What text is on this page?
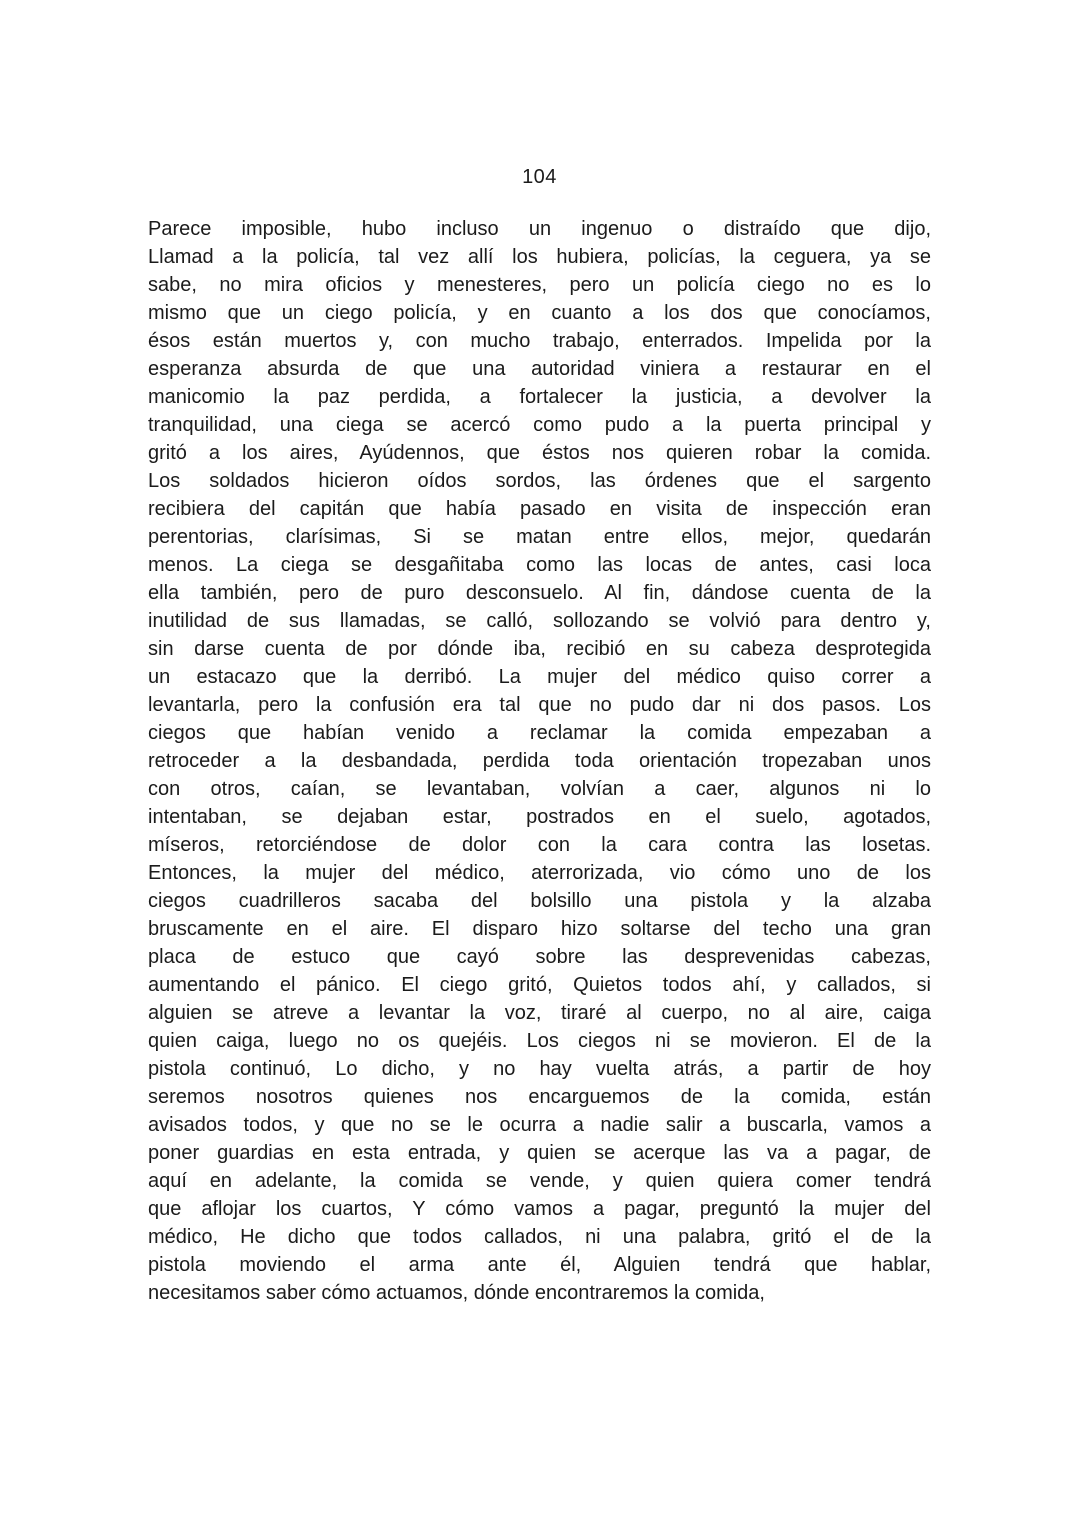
104
Parece imposible, hubo incluso un ingenuo o distraído que dijo,
Llamad a la policía, tal vez allí los hubiera, policías, la ceguera, ya se
sabe, no mira oficios y menesteres, pero un policía ciego no es lo
mismo que un ciego policía, y en cuanto a los dos que conocíamos,
ésos están muertos y, con mucho trabajo, enterrados. Impelida por la
esperanza absurda de que una autoridad viniera a restaurar en el
manicomio la paz perdida, a fortalecer la justicia, a devolver la
tranquilidad, una ciega se acercó como pudo a la puerta principal y
gritó a los aires, Ayúdennos, que éstos nos quieren robar la comida.
Los soldados hicieron oídos sordos, las órdenes que el sargento
recibiera del capitán que había pasado en visita de inspección eran
perentorias, clarísimas, Si se matan entre ellos, mejor, quedarán
menos. La ciega se desgañitaba como las locas de antes, casi loca
ella también, pero de puro desconsuelo. Al fin, dándose cuenta de la
inutilidad de sus llamadas, se calló, sollozando se volvió para dentro y,
sin darse cuenta de por dónde iba, recibió en su cabeza desprotegida
un estacazo que la derribó. La mujer del médico quiso correr a
levantarla, pero la confusión era tal que no pudo dar ni dos pasos. Los
ciegos que habían venido a reclamar la comida empezaban a
retroceder a la desbandada, perdida toda orientación tropezaban unos
con otros, caían, se levantaban, volvían a caer, algunos ni lo
intentaban, se dejaban estar, postrados en el suelo, agotados,
míseros, retorciéndose de dolor con la cara contra las losetas.
Entonces, la mujer del médico, aterrorizada, vio cómo uno de los
ciegos cuadrilleros sacaba del bolsillo una pistola y la alzaba
bruscamente en el aire. El disparo hizo soltarse del techo una gran
placa de estuco que cayó sobre las desprevenidas cabezas,
aumentando el pánico. El ciego gritó, Quietos todos ahí, y callados, si
alguien se atreve a levantar la voz, tiraré al cuerpo, no al aire, caiga
quien caiga, luego no os quejéis. Los ciegos ni se movieron. El de la
pistola continuó, Lo dicho, y no hay vuelta atrás, a partir de hoy
seremos nosotros quienes nos encarguemos de la comida, están
avisados todos, y que no se le ocurra a nadie salir a buscarla, vamos a
poner guardias en esta entrada, y quien se acerque las va a pagar, de
aquí en adelante, la comida se vende, y quien quiera comer tendrá
que aflojar los cuartos, Y cómo vamos a pagar, preguntó la mujer del
médico, He dicho que todos callados, ni una palabra, gritó el de la
pistola moviendo el arma ante él, Alguien tendrá que hablar,
necesitamos saber cómo actuamos, dónde encontraremos la comida,
